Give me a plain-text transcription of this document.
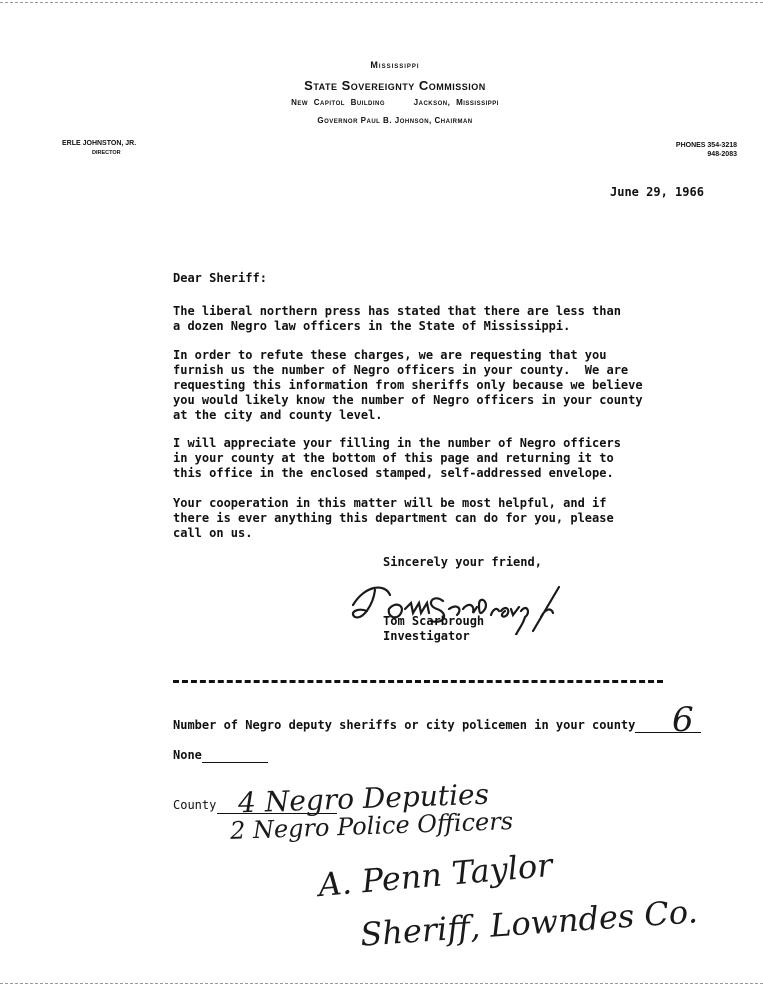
Mississippi
State Sovereignty Commission
New Capitol Building     Jackson, Mississippi
Governor Paul B. Johnson, Chairman
ERLE JOHNSTON, JR.
DIRECTOR
PHONES 354-3218
948-2083
June 29, 1966
Dear Sheriff:
The liberal northern press has stated that there are less than
a dozen Negro law officers in the State of Mississippi.
In order to refute these charges, we are requesting that you
furnish us the number of Negro officers in your county.  We are
requesting this information from sheriffs only because we believe
you would likely know the number of Negro officers in your county
at the city and county level.
I will appreciate your filling in the number of Negro officers
in your county at the bottom of this page and returning it to
this office in the enclosed stamped, self-addressed envelope.
Your cooperation in this matter will be most helpful, and if
there is ever anything this department can do for you, please
call on us.
Sincerely your friend,
Tom Scarbrough
Investigator
Number of Negro deputy sheriffs or city policemen in your county	6
None
County 4 Negro Deputies
2 Negro Police Officers
A. Penn Taylor
Sheriff, Lowndes Co.
